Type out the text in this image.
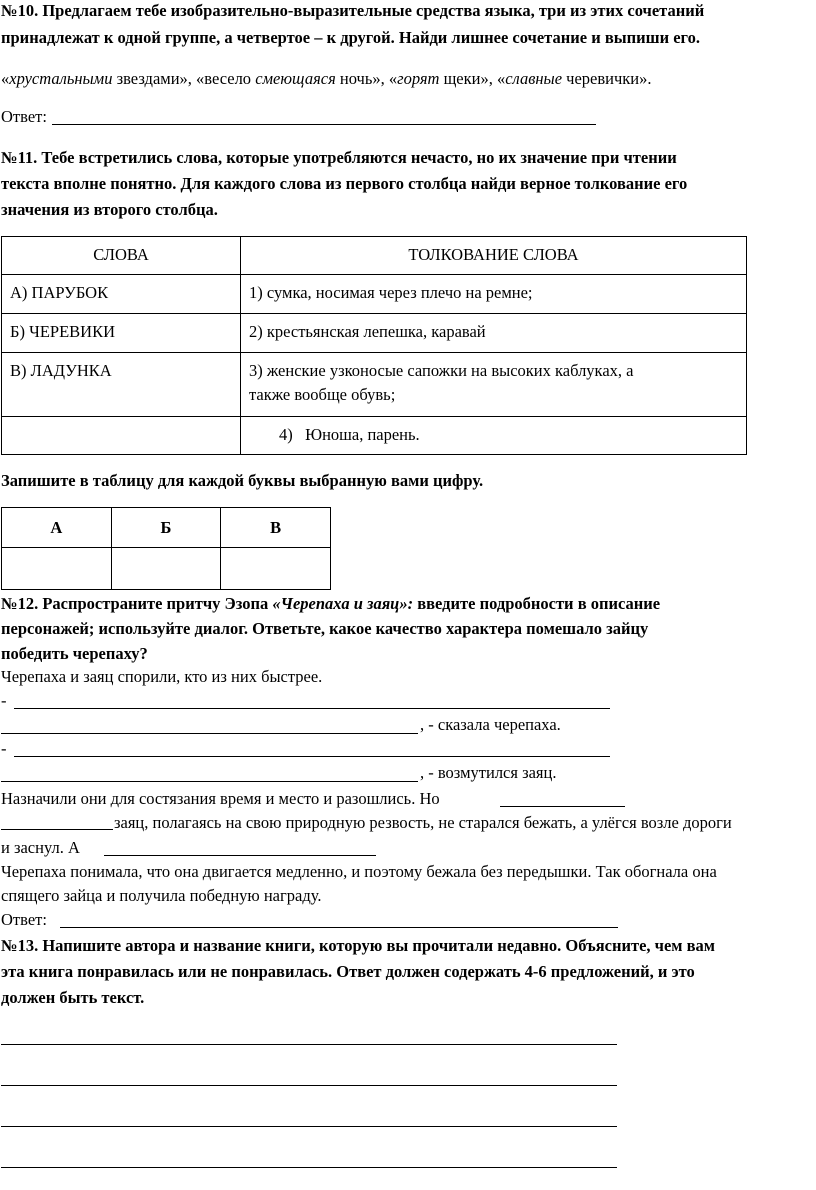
№10. Предлагаем тебе изобразительно-выразительные средства языка, три из этих сочетаний
принадлежат к одной группе, а четвертое – к другой. Найди лишнее сочетание и выпиши его.
«хрустальными звездами», «весело смеющаяся ночь», «горят щеки», «славные черевички».
Ответ:
№11. Тебе встретились слова, которые употребляются нечасто, но их значение при чтении
текста вполне понятно. Для каждого слова из первого столбца найди верное толкование его
значения из второго столбца.
СЛОВА	ТОЛКОВАНИЕ СЛОВА
А) ПАРУБОК	1) сумка, носимая через плечо на ремне;
Б) ЧЕРЕВИКИ	2) крестьянская лепешка, каравай
В) ЛАДУНКА	3) женские узконосые сапожки на высоких каблуках, а
также вообще обувь;
	4)   Юноша, парень.
Запишите в таблицу для каждой буквы выбранную вами цифру.
А	Б	В

№12. Распространите притчу Эзопа «Черепаха и заяц»: введите подробности в описание
персонажей; используйте диалог. Ответьте, какое качество характера помешало зайцу
победить черепаху?
Черепаха и заяц спорили, кто из них быстрее.
-
, - сказала черепаха.
-
, - возмутился заяц.
Назначили они для состязания время и место и разошлись. Но
заяц, полагаясь на свою природную резвость, не старался бежать, а улёгся возле дороги
и заснул. А
Черепаха понимала, что она двигается медленно, и поэтому бежала без передышки. Так обогнала она
спящего зайца и получила победную награду.
Ответ:
№13. Напишите автора и название книги, которую вы прочитали недавно. Объясните, чем вам
эта книга понравилась или не понравилась. Ответ должен содержать 4-6 предложений, и это
должен быть текст.
